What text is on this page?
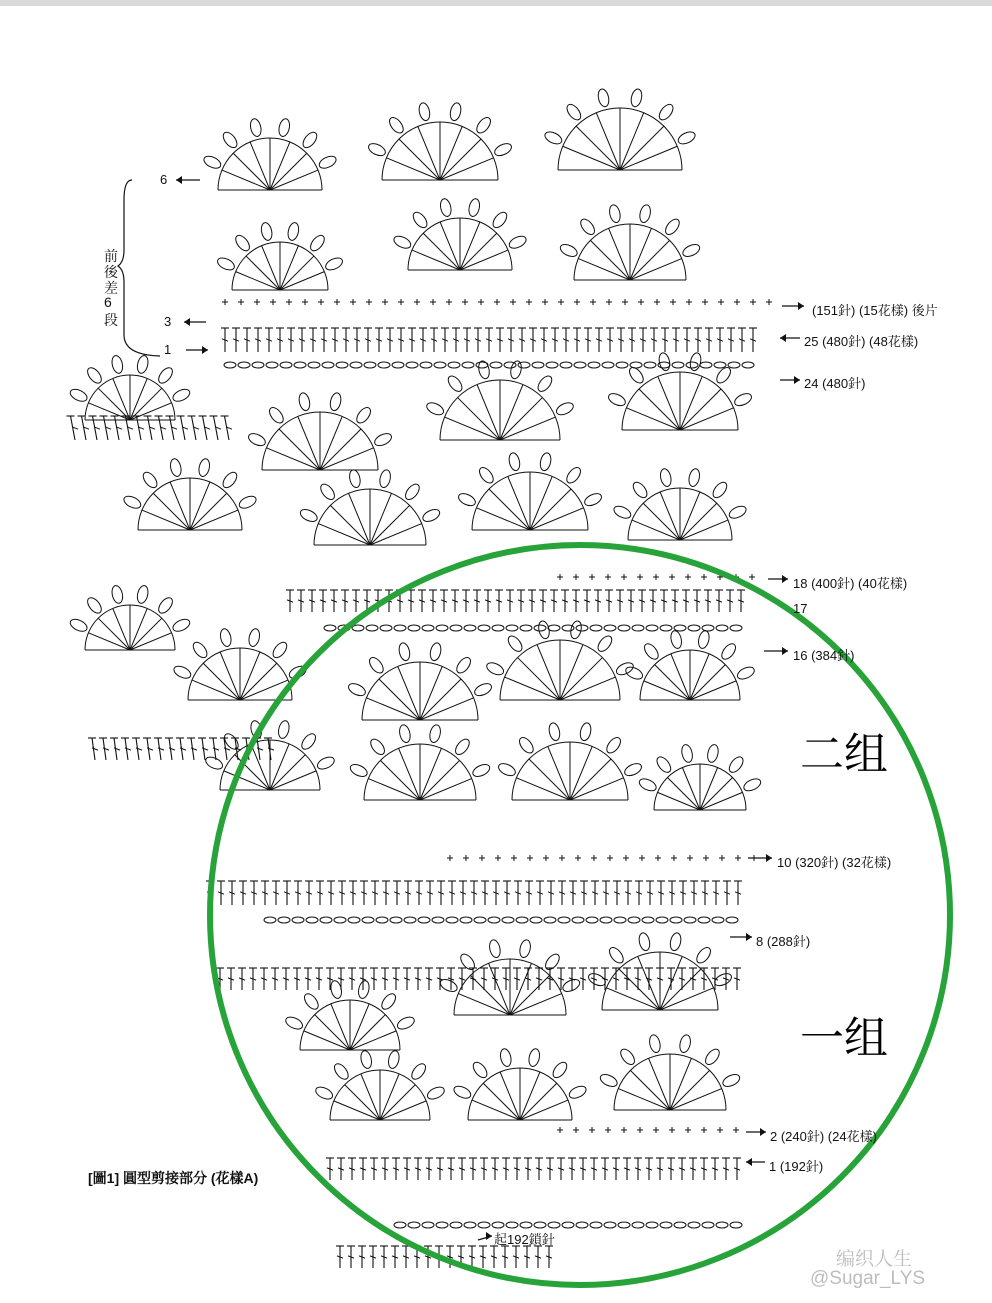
6
3
1
前
後
差
6
段
(151針) (15花樣) 後片
25 (480針) (48花樣)
24 (480針)
18 (400針) (40花樣)
17
16 (384針)
10 (320針) (32花樣)
8 (288針)
2 (240針) (24花樣)
1 (192針)
二组
一组
[圖1] 圓型剪接部分 (花樣A)
起192鎖針
编织人生
@Sugar_LYS
